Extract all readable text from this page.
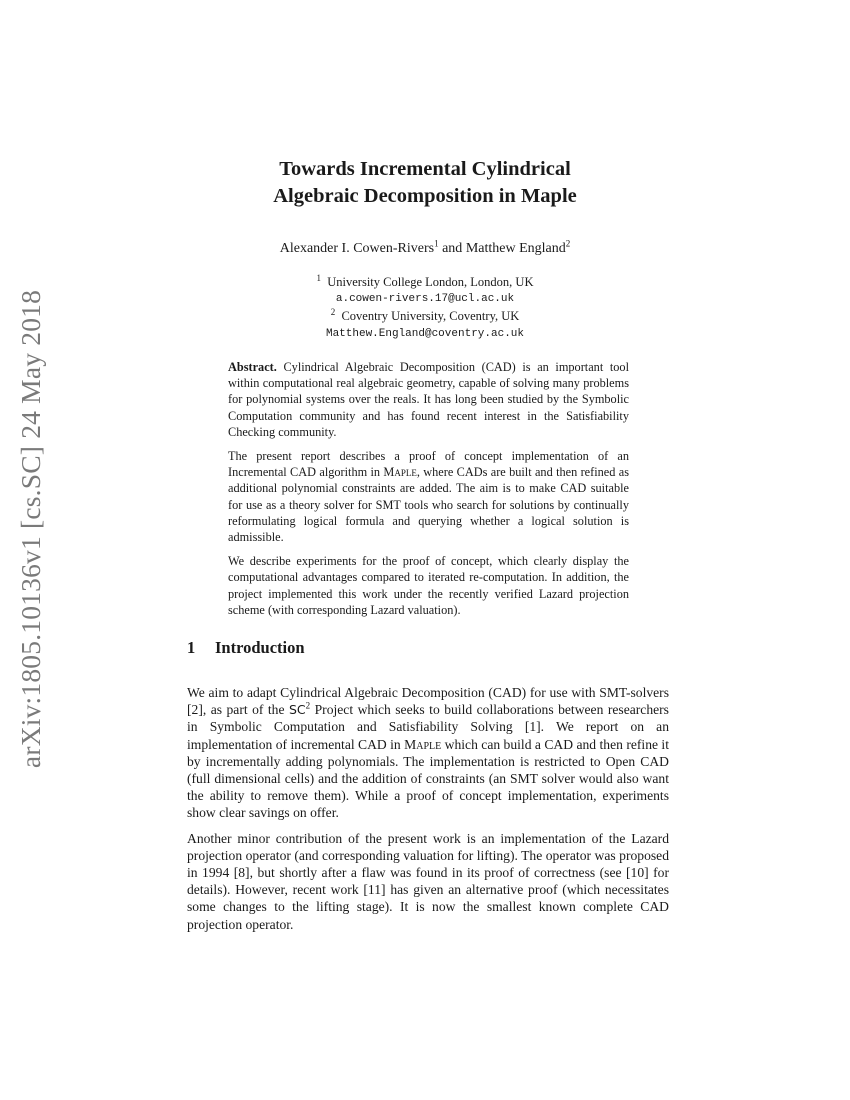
arXiv:1805.10136v1 [cs.SC] 24 May 2018
Towards Incremental Cylindrical
Algebraic Decomposition in Maple
Alexander I. Cowen-Rivers$^1$ and Matthew England$^2$
$^1$ University College London, London, UK
a.cowen-rivers.17@ucl.ac.uk
$^2$ Coventry University, Coventry, UK
Matthew.England@coventry.ac.uk

Abstract. Cylindrical Algebraic Decomposition (CAD) is an important tool within computational real algebraic geometry, capable of solving many problems for polynomial systems over the reals. It has long been studied by the Symbolic Computation community and has found recent interest in the Satisfiability Checking community.

The present report describes a proof of concept implementation of an Incremental CAD algorithm in Maple, where CADs are built and then refined as additional polynomial constraints are added. The aim is to make CAD suitable for use as a theory solver for SMT tools who search for solutions by continually reformulating logical formula and querying whether a logical solution is admissible.

We describe experiments for the proof of concept, which clearly display the computational advantages compared to iterated re-computation. In addition, the project implemented this work under the recently verified Lazard projection scheme (with corresponding Lazard valuation).

1 Introduction

We aim to adapt Cylindrical Algebraic Decomposition (CAD) for use with SMT-solvers [2], as part of the $SC^2$ Project which seeks to build collaborations between researchers in Symbolic Computation and Satisfiability Solving [1]. We report on an implementation of incremental CAD in Maple which can build a CAD and then refine it by incrementally adding polynomials. The implementation is restricted to Open CAD (full dimensional cells) and the addition of constraints (an SMT solver would also want the ability to remove them). While a proof of concept implementation, experiments show clear savings on offer.

Another minor contribution of the present work is an implementation of the Lazard projection operator (and corresponding valuation for lifting). The operator was proposed in 1994 [8], but shortly after a flaw was found in its proof of correctness (see [10] for details). However, recent work [11] has given an alternative proof (which necessitates some changes to the lifting stage). It is now the smallest known complete CAD projection operator.
